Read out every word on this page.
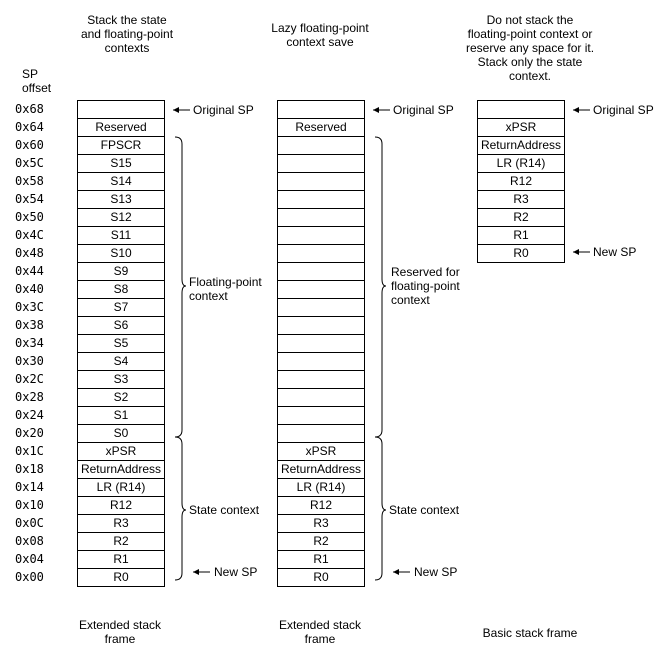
Stack the state
and floating-point
contexts
Lazy floating-point
context save
Do not stack the
floating-point context or
reserve any space for it.
Stack only the state
context.
SP
offset
0x68
0x64
0x60
0x5C
0x58
0x54
0x50
0x4C
0x48
0x44
0x40
0x3C
0x38
0x34
0x30
0x2C
0x28
0x24
0x20
0x1C
0x18
0x14
0x10
0x0C
0x08
0x04
0x00
Reserved
FPSCR
S15
S14
S13
S12
S11
S10
S9
S8
S7
S6
S5
S4
S3
S2
S1
S0
xPSR
ReturnAddress
LR (R14)
R12
R3
R2
R1
R0
Reserved
xPSR
ReturnAddress
LR (R14)
R12
R3
R2
R1
R0
xPSR
ReturnAddress
LR (R14)
R12
R3
R2
R1
R0
Original SP
New SP
Original SP
New SP
Original SP
New SP
Floating-point
context
State context
Reserved for
floating-point
context
State context
Extended stack
frame
Extended stack
frame	Basic stack frame
